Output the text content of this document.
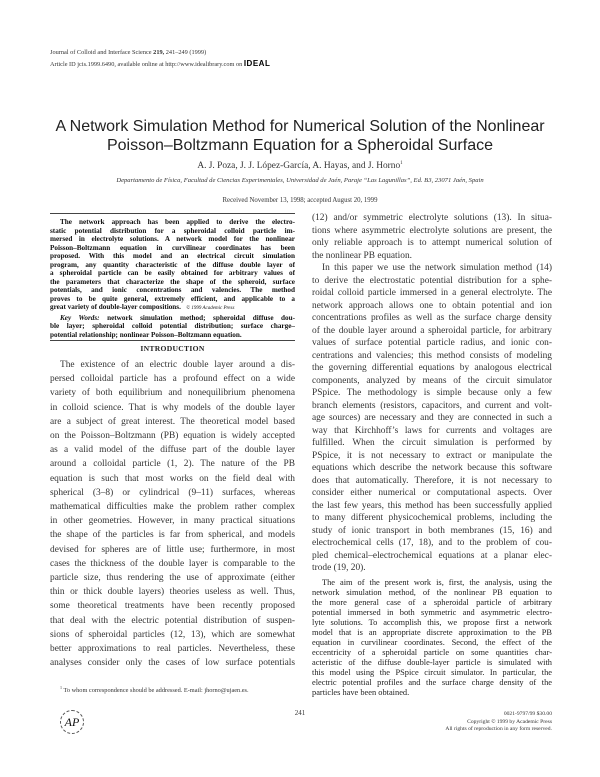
Journal of Colloid and Interface Science 219, 241–249 (1999)
Article ID jcis.1999.6490, available online at http://www.idealibrary.com on IDEAL
A Network Simulation Method for Numerical Solution of the Nonlinear
Poisson–Boltzmann Equation for a Spheroidal Surface
A. J. Poza, J. J. López-García, A. Hayas, and J. Horno$^1$
Departamento de Física, Facultad de Ciencias Experimentales, Universidad de Jaén, Paraje “Las Lagunillas”, Ed. B3, 23071 Jaén, Spain
Received November 13, 1998; accepted August 20, 1999
The network approach has been applied to derive the electro-
static potential distribution for a spheroidal colloid particle im-
mersed in electrolyte solutions. A network model for the nonlinear
Poisson–Boltzmann equation in curvilinear coordinates has been
proposed. With this model and an electrical circuit simulation
program, any quantity characteristic of the diffuse double layer of
a spheroidal particle can be easily obtained for arbitrary values of
the parameters that characterize the shape of the spheroid, surface
potentials, and ionic concentrations and valencies. The method
proves to be quite general, extremely efficient, and applicable to a
great variety of double-layer compositions. © 1999 Academic Press
Key Words: network simulation method; spheroidal diffuse dou-
ble layer; spheroidal colloid potential distribution; surface charge–
potential relationship; nonlinear Poisson–Boltzmann equation.
INTRODUCTION
The existence of an electric double layer around a dis-
persed colloidal particle has a profound effect on a wide
variety of both equilibrium and nonequilibrium phenomena
in colloid science. That is why models of the double layer
are a subject of great interest. The theoretical model based
on the Poisson–Boltzmann (PB) equation is widely accepted
as a valid model of the diffuse part of the double layer
around a colloidal particle (1, 2). The nature of the PB
equation is such that most works on the field deal with
spherical (3–8) or cylindrical (9–11) surfaces, whereas
mathematical difficulties make the problem rather complex
in other geometries. However, in many practical situations
the shape of the particles is far from spherical, and models
devised for spheres are of little use; furthermore, in most
cases the thickness of the double layer is comparable to the
particle size, thus rendering the use of approximate (either
thin or thick double layers) theories useless as well. Thus,
some theoretical treatments have been recently proposed
that deal with the electric potential distribution of suspen-
sions of spheroidal particles (12, 13), which are somewhat
better approximations to real particles. Nevertheless, these
analyses consider only the cases of low surface potentials
(12) and/or symmetric electrolyte solutions (13). In situa-
tions where asymmetric electrolyte solutions are present, the
only reliable approach is to attempt numerical solution of
the nonlinear PB equation.
In this paper we use the network simulation method (14)
to derive the electrostatic potential distribution for a sphe-
roidal colloid particle immersed in a general electrolyte. The
network approach allows one to obtain potential and ion
concentrations profiles as well as the surface charge density
of the double layer around a spheroidal particle, for arbitrary
values of surface potential particle radius, and ionic con-
centrations and valencies; this method consists of modeling
the governing differential equations by analogous electrical
components, analyzed by means of the circuit simulator
PSpice. The methodology is simple because only a few
branch elements (resistors, capacitors, and current and volt-
age sources) are necessary and they are connected in such a
way that Kirchhoff’s laws for currents and voltages are
fulfilled. When the circuit simulation is performed by
PSpice, it is not necessary to extract or manipulate the
equations which describe the network because this software
does that automatically. Therefore, it is not necessary to
consider either numerical or computational aspects. Over
the last few years, this method has been successfully applied
to many different physicochemical problems, including the
study of ionic transport in both membranes (15, 16) and
electrochemical cells (17, 18), and to the problem of cou-
pled chemical–electrochemical equations at a planar elec-
trode (19, 20).
The aim of the present work is, first, the analysis, using the
network simulation method, of the nonlinear PB equation to
the more general case of a spheroidal particle of arbitrary
potential immersed in both symmetric and asymmetric electro-
lyte solutions. To accomplish this, we propose first a network
model that is an appropriate discrete approximation to the PB
equation in curvilinear coordinates. Second, the effect of the
eccentricity of a spheroidal particle on some quantities char-
acteristic of the diffuse double-layer particle is simulated with
this model using the PSpice circuit simulator. In particular, the
electric potential profiles and the surface charge density of the
particles have been obtained.
$^1$ To whom correspondence should be addressed. E-mail: jhorno@ujaen.es.
AP
241	0021-9797/99 $30.00
Copyright © 1999 by Academic Press
All rights of reproduction in any form reserved.
